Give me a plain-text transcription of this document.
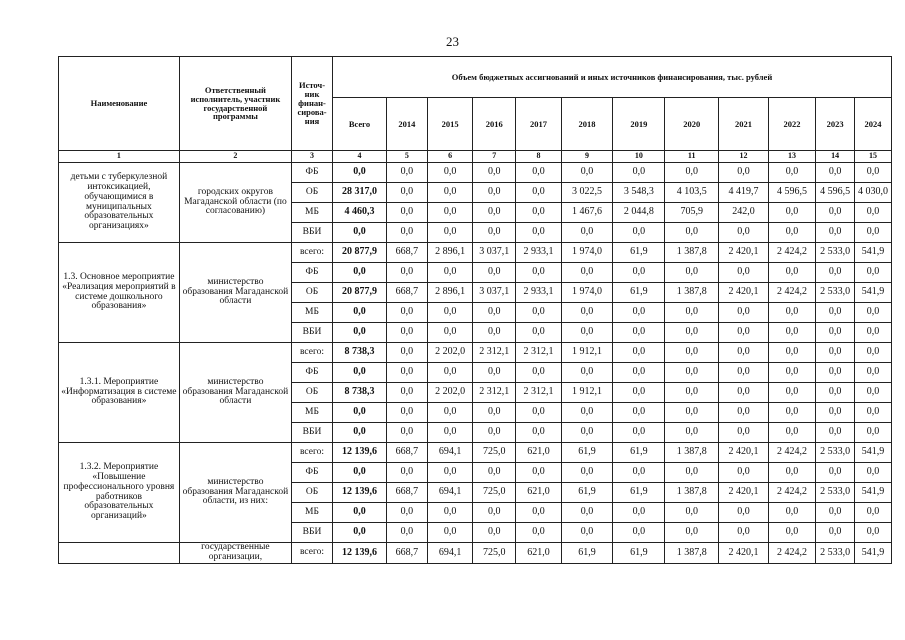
23
Наименование	Ответственный исполнитель, участник государственной программы	Источ-ник финан-сирова-ния	Объем бюджетных ассигнований и иных источников финансирования, тыс. рублей											
			Всего	2014	2015	2016	2017	2018	2019	2020	2021	2022	2023	2024
1	2	3	4	5	6	7	8	9	10	11	12	13	14	15
детьми с туберкулезной интоксикацией, обучающимися в муниципальных образовательных организациях»	городских округов Магаданской области (по согласованию)	ФБ	0,0	0,0	0,0	0,0	0,0	0,0	0,0	0,0	0,0	0,0	0,0	0,0
		ОБ	28 317,0	0,0	0,0	0,0	0,0	3 022,5	3 548,3	4 103,5	4 419,7	4 596,5	4 596,5	4 030,0
		МБ	4 460,3	0,0	0,0	0,0	0,0	1 467,6	2 044,8	705,9	242,0	0,0	0,0	0,0
		ВБИ	0,0	0,0	0,0	0,0	0,0	0,0	0,0	0,0	0,0	0,0	0,0	0,0
1.3. Основное мероприятие «Реализация мероприятий в системе дошкольного образования»	министерство образования Магаданской области	всего:	20 877,9	668,7	2 896,1	3 037,1	2 933,1	1 974,0	61,9	1 387,8	2 420,1	2 424,2	2 533,0	541,9
		ФБ	0,0	0,0	0,0	0,0	0,0	0,0	0,0	0,0	0,0	0,0	0,0	0,0
		ОБ	20 877,9	668,7	2 896,1	3 037,1	2 933,1	1 974,0	61,9	1 387,8	2 420,1	2 424,2	2 533,0	541,9
		МБ	0,0	0,0	0,0	0,0	0,0	0,0	0,0	0,0	0,0	0,0	0,0	0,0
		ВБИ	0,0	0,0	0,0	0,0	0,0	0,0	0,0	0,0	0,0	0,0	0,0	0,0
1.3.1. Мероприятие «Информатизация в системе образования»	министерство образования Магаданской области	всего:	8 738,3	0,0	2 202,0	2 312,1	2 312,1	1 912,1	0,0	0,0	0,0	0,0	0,0	0,0
		ФБ	0,0	0,0	0,0	0,0	0,0	0,0	0,0	0,0	0,0	0,0	0,0	0,0
		ОБ	8 738,3	0,0	2 202,0	2 312,1	2 312,1	1 912,1	0,0	0,0	0,0	0,0	0,0	0,0
		МБ	0,0	0,0	0,0	0,0	0,0	0,0	0,0	0,0	0,0	0,0	0,0	0,0
		ВБИ	0,0	0,0	0,0	0,0	0,0	0,0	0,0	0,0	0,0	0,0	0,0	0,0
1.3.2. Мероприятие «Повышение профессионального уровня работников образовательных организаций»	министерство образования Магаданской области, из них:	всего:	12 139,6	668,7	694,1	725,0	621,0	61,9	61,9	1 387,8	2 420,1	2 424,2	2 533,0	541,9
		ФБ	0,0	0,0	0,0	0,0	0,0	0,0	0,0	0,0	0,0	0,0	0,0	0,0
		ОБ	12 139,6	668,7	694,1	725,0	621,0	61,9	61,9	1 387,8	2 420,1	2 424,2	2 533,0	541,9
		МБ	0,0	0,0	0,0	0,0	0,0	0,0	0,0	0,0	0,0	0,0	0,0	0,0
		ВБИ	0,0	0,0	0,0	0,0	0,0	0,0	0,0	0,0	0,0	0,0	0,0	0,0
	государственные организации,	всего:	12 139,6	668,7	694,1	725,0	621,0	61,9	61,9	1 387,8	2 420,1	2 424,2	2 533,0	541,9
